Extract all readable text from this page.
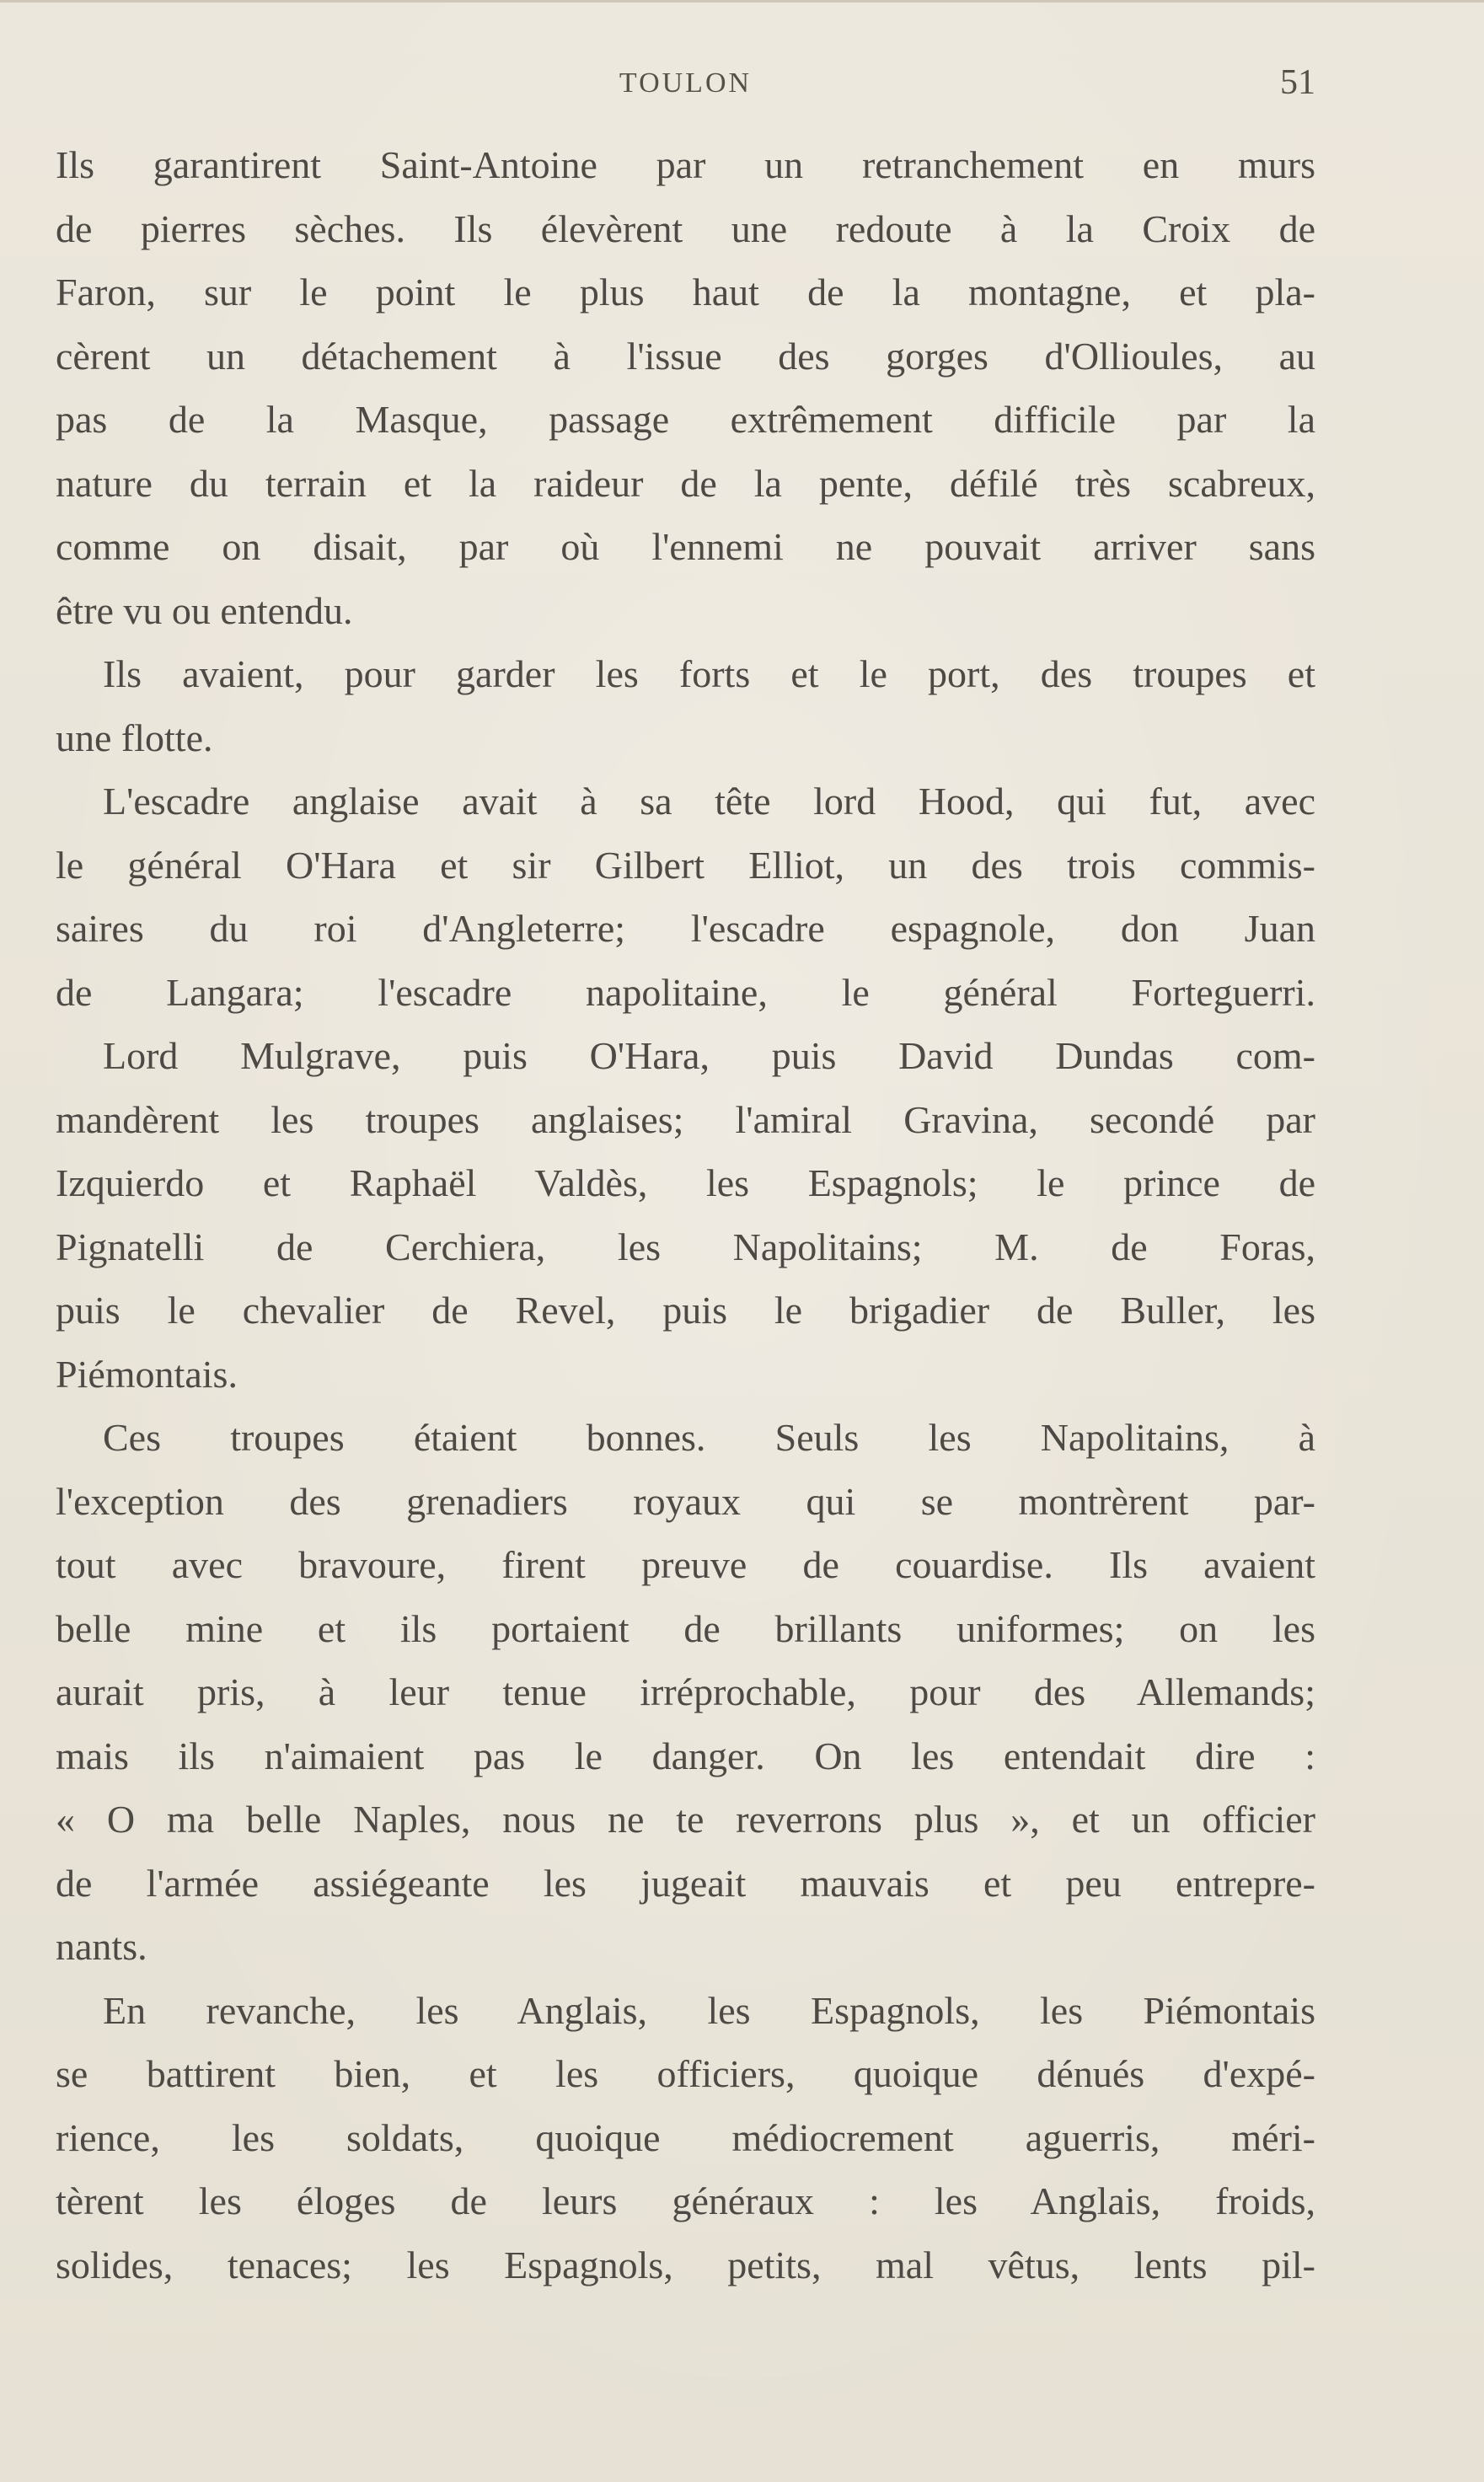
TOULON	51
Ils garantirent Saint-Antoine par un retranchement en murs
de pierres sèches. Ils élevèrent une redoute à la Croix de
Faron, sur le point le plus haut de la montagne, et pla-
cèrent un détachement à l'issue des gorges d'Ollioules, au
pas de la Masque, passage extrêmement difficile par la
nature du terrain et la raideur de la pente, défilé très scabreux,
comme on disait, par où l'ennemi ne pouvait arriver sans
être vu ou entendu.
Ils avaient, pour garder les forts et le port, des troupes et
une flotte.
L'escadre anglaise avait à sa tête lord Hood, qui fut, avec
le général O'Hara et sir Gilbert Elliot, un des trois commis-
saires du roi d'Angleterre; l'escadre espagnole, don Juan
de Langara; l'escadre napolitaine, le général Forteguerri.
Lord Mulgrave, puis O'Hara, puis David Dundas com-
mandèrent les troupes anglaises; l'amiral Gravina, secondé par
Izquierdo et Raphaël Valdès, les Espagnols; le prince de
Pignatelli de Cerchiera, les Napolitains; M. de Foras,
puis le chevalier de Revel, puis le brigadier de Buller, les
Piémontais.
Ces troupes étaient bonnes. Seuls les Napolitains, à
l'exception des grenadiers royaux qui se montrèrent par-
tout avec bravoure, firent preuve de couardise. Ils avaient
belle mine et ils portaient de brillants uniformes; on les
aurait pris, à leur tenue irréprochable, pour des Allemands;
mais ils n'aimaient pas le danger. On les entendait dire :
« O ma belle Naples, nous ne te reverrons plus », et un officier
de l'armée assiégeante les jugeait mauvais et peu entrepre-
nants.
En revanche, les Anglais, les Espagnols, les Piémontais
se battirent bien, et les officiers, quoique dénués d'expé-
rience, les soldats, quoique médiocrement aguerris, méri-
tèrent les éloges de leurs généraux : les Anglais, froids,
solides, tenaces; les Espagnols, petits, mal vêtus, lents pil-
